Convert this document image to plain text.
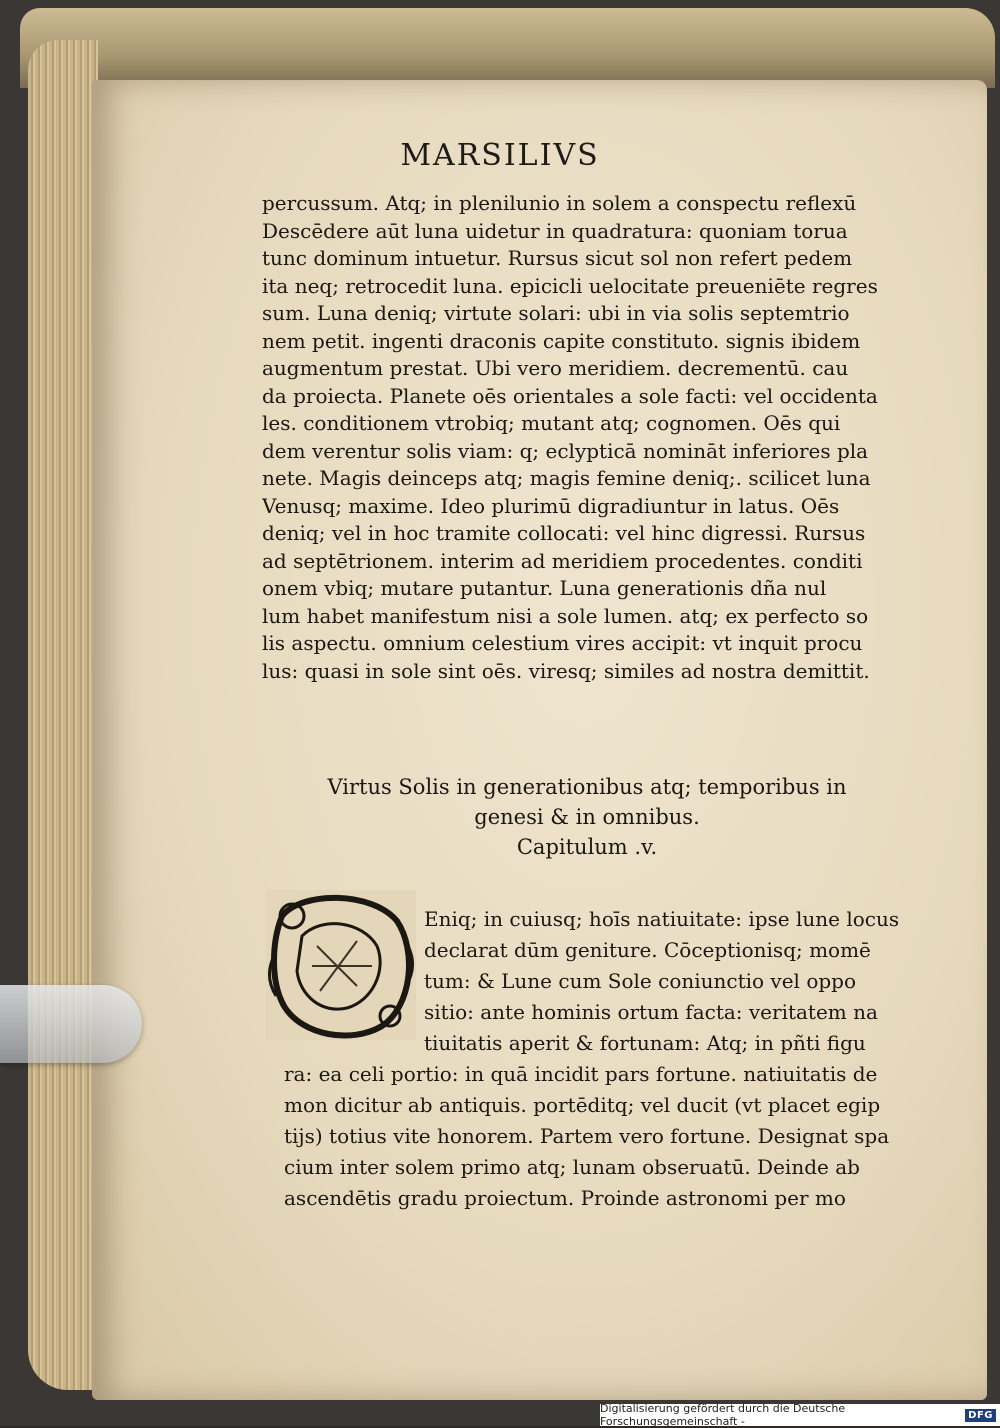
MARSILIVS
percussum. Atq; in plenilunio in solem a conspectu reflexū
Descēdere aūt luna uidetur in quadratura: quoniam torua
tunc dominum intuetur. Rursus sicut sol non refert pedem
ita neq; retrocedit luna. epicicli uelocitate preueniēte regres
sum. Luna deniq; virtute solari: ubi in via solis septemtrio
nem petit. ingenti draconis capite constituto. signis ibidem
augmentum prestat. Ubi vero meridiem. decrementū. cau
da proiecta. Planete oēs orientales a sole facti: vel occidenta
les. conditionem vtrobiq; mutant atq; cognomen. Oēs qui
dem verentur solis viam: q; eclypticā nomināt inferiores pla
nete. Magis deinceps atq; magis femine deniq;. scilicet luna
Venusq; maxime. Ideo plurimū digradiuntur in latus. Oēs
deniq; vel in hoc tramite collocati: vel hinc digressi. Rursus
ad septētrionem. interim ad meridiem procedentes. conditi
onem vbiq; mutare putantur. Luna generationis dña nul
lum habet manifestum nisi a sole lumen. atq; ex perfecto so
lis aspectu. omnium celestium vires accipit: vt inquit procu
lus: quasi in sole sint oēs. viresq; similes ad nostra demittit.
Virtus Solis in generationibus atq; temporibus in
genesi & in omnibus.
Capitulum .v.
Eniq; in cuiusq; hoīs natiuitate: ipse lune locus
declarat dūm geniture. Cōceptionisq; momē
tum: & Lune cum Sole coniunctio vel oppo
sitio: ante hominis ortum facta: veritatem na
tiuitatis aperit & fortunam: Atq; in pñti figu
ra: ea celi portio: in quā incidit pars fortune. natiuitatis de
mon dicitur ab antiquis. portēditq; vel ducit (vt placet egip
tijs) totius vite honorem. Partem vero fortune. Designat spa
cium inter solem primo atq; lunam obseruatū. Deinde ab
ascendētis gradu proiectum. Proinde astronomi per mo
Digitalisierung gefördert durch die Deutsche Forschungsgemeinschaft -	DFG
